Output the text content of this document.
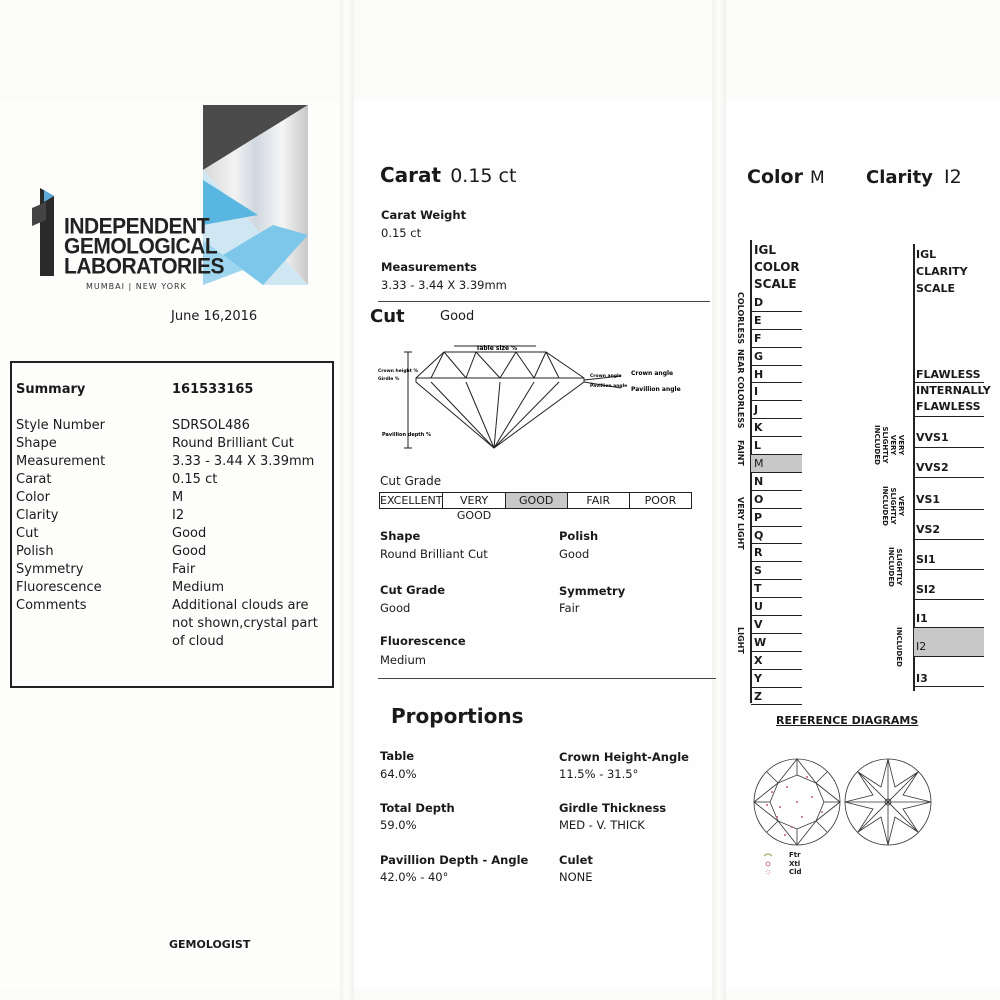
INDEPENDENT
GEMOLOGICAL
LABORATORIES
MUMBAI | NEW YORK
June 16,2016
Summary	161533165
Style Number	SDRSOL486
Shape	Round Brilliant Cut
Measurement	3.33 - 3.44 X 3.39mm
Carat	0.15 ct
Color	M
Clarity	I2
Cut	Good
Polish	Good
Symmetry	Fair
Fluorescence	Medium
Comments	Additional clouds are not shown,crystal part of cloud
GEMOLOGIST
Carat 0.15 ct
Carat Weight
0.15 ct
Measurements
3.33 - 3.44 X 3.39mm
Cut	Good
Table size %
Crown height %
Girdle %
Pavillion depth %
Crown angle Crown angle
Pavillion angle Pavillion angle
Cut Grade
EXCELLENT	VERY GOOD
GOOD	FAIR	POOR
Shape
Round Brilliant Cut
Polish
Good
Cut Grade
Good
Symmetry
Fair
Fluorescence
Medium
Proportions
Table
64.0%
Crown Height-Angle
11.5% - 31.5°
Total Depth
59.0%
Girdle Thickness
MED - V. THICK
Pavillion Depth - Angle
42.0% - 40°
Culet
NONE
Color M Clarity I2
IGL
COLOR
SCALE
D
E
F
G
H
I
J
K
L
M
N
O
P
Q
R
S
T
U
V
W
X
Y
Z
COLORLESS
NEAR COLORLESS
FAINT
VERY LIGHT
LIGHT
IGL
CLARITY
SCALE
FLAWLESS
INTERNALLY FLAWLESS
VVS1
VVS2
VS1
VS2
SI1
SI2
I1
I2
I3
VERY VERY SLIGHTLY INCLUDED
VERY SLIGHTLY INCLUDED
SLIGHTLY INCLUDED
INCLUDED
REFERENCE DIAGRAMS
Ftr
Xtl
Cld
